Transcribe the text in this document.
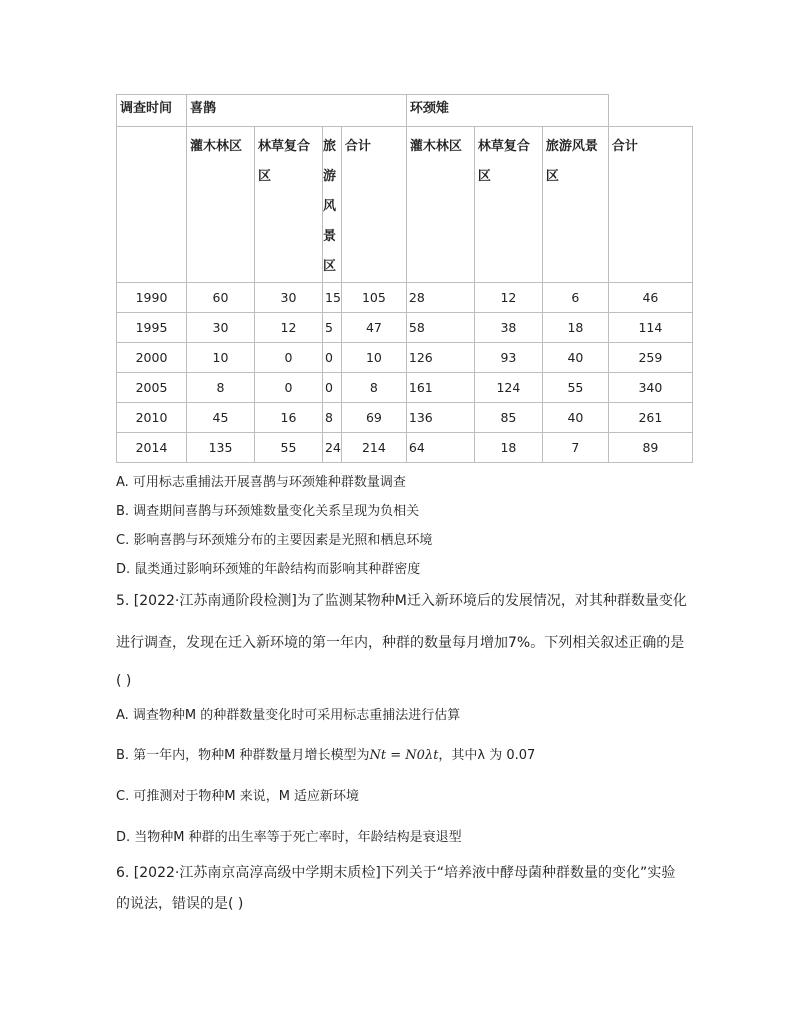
调查时间	喜鹊				环颈雉			
	灌木林区	林草复合区	旅游风景区	合计	灌木林区	林草复合区	旅游风景区	合计
1990	60	30	15	105	28	12	6	46
1995	30	12	5	47	58	38	18	114
2000	10	0	0	10	126	93	40	259
2005	8	0	0	8	161	124	55	340
2010	45	16	8	69	136	85	40	261
2014	135	55	24	214	64	18	7	89
A. 可用标志重捕法开展喜鹊与环颈雉种群数量调查
B. 调查期间喜鹊与环颈雉数量变化关系呈现为负相关
C. 影响喜鹊与环颈雉分布的主要因素是光照和栖息环境
D. 鼠类通过影响环颈雉的年龄结构而影响其种群密度
5. [2022·江苏南通阶段检测]为了监测某物种M迁入新环境后的发展情况，对其种群数量变化
进行调查，发现在迁入新环境的第一年内，种群的数量每月增加7%。下列相关叙述正确的是
( )
A. 调查物种M 的种群数量变化时可采用标志重捕法进行估算
B. 第一年内，物种M 种群数量月增长模型为Nt = N0λt，其中λ 为 0.07
C. 可推测对于物种M 来说，M 适应新环境
D. 当物种M 种群的出生率等于死亡率时，年龄结构是衰退型
6. [2022·江苏南京高淳高级中学期末质检]下列关于“培养液中酵母菌种群数量的变化”实验
的说法，错误的是( )
